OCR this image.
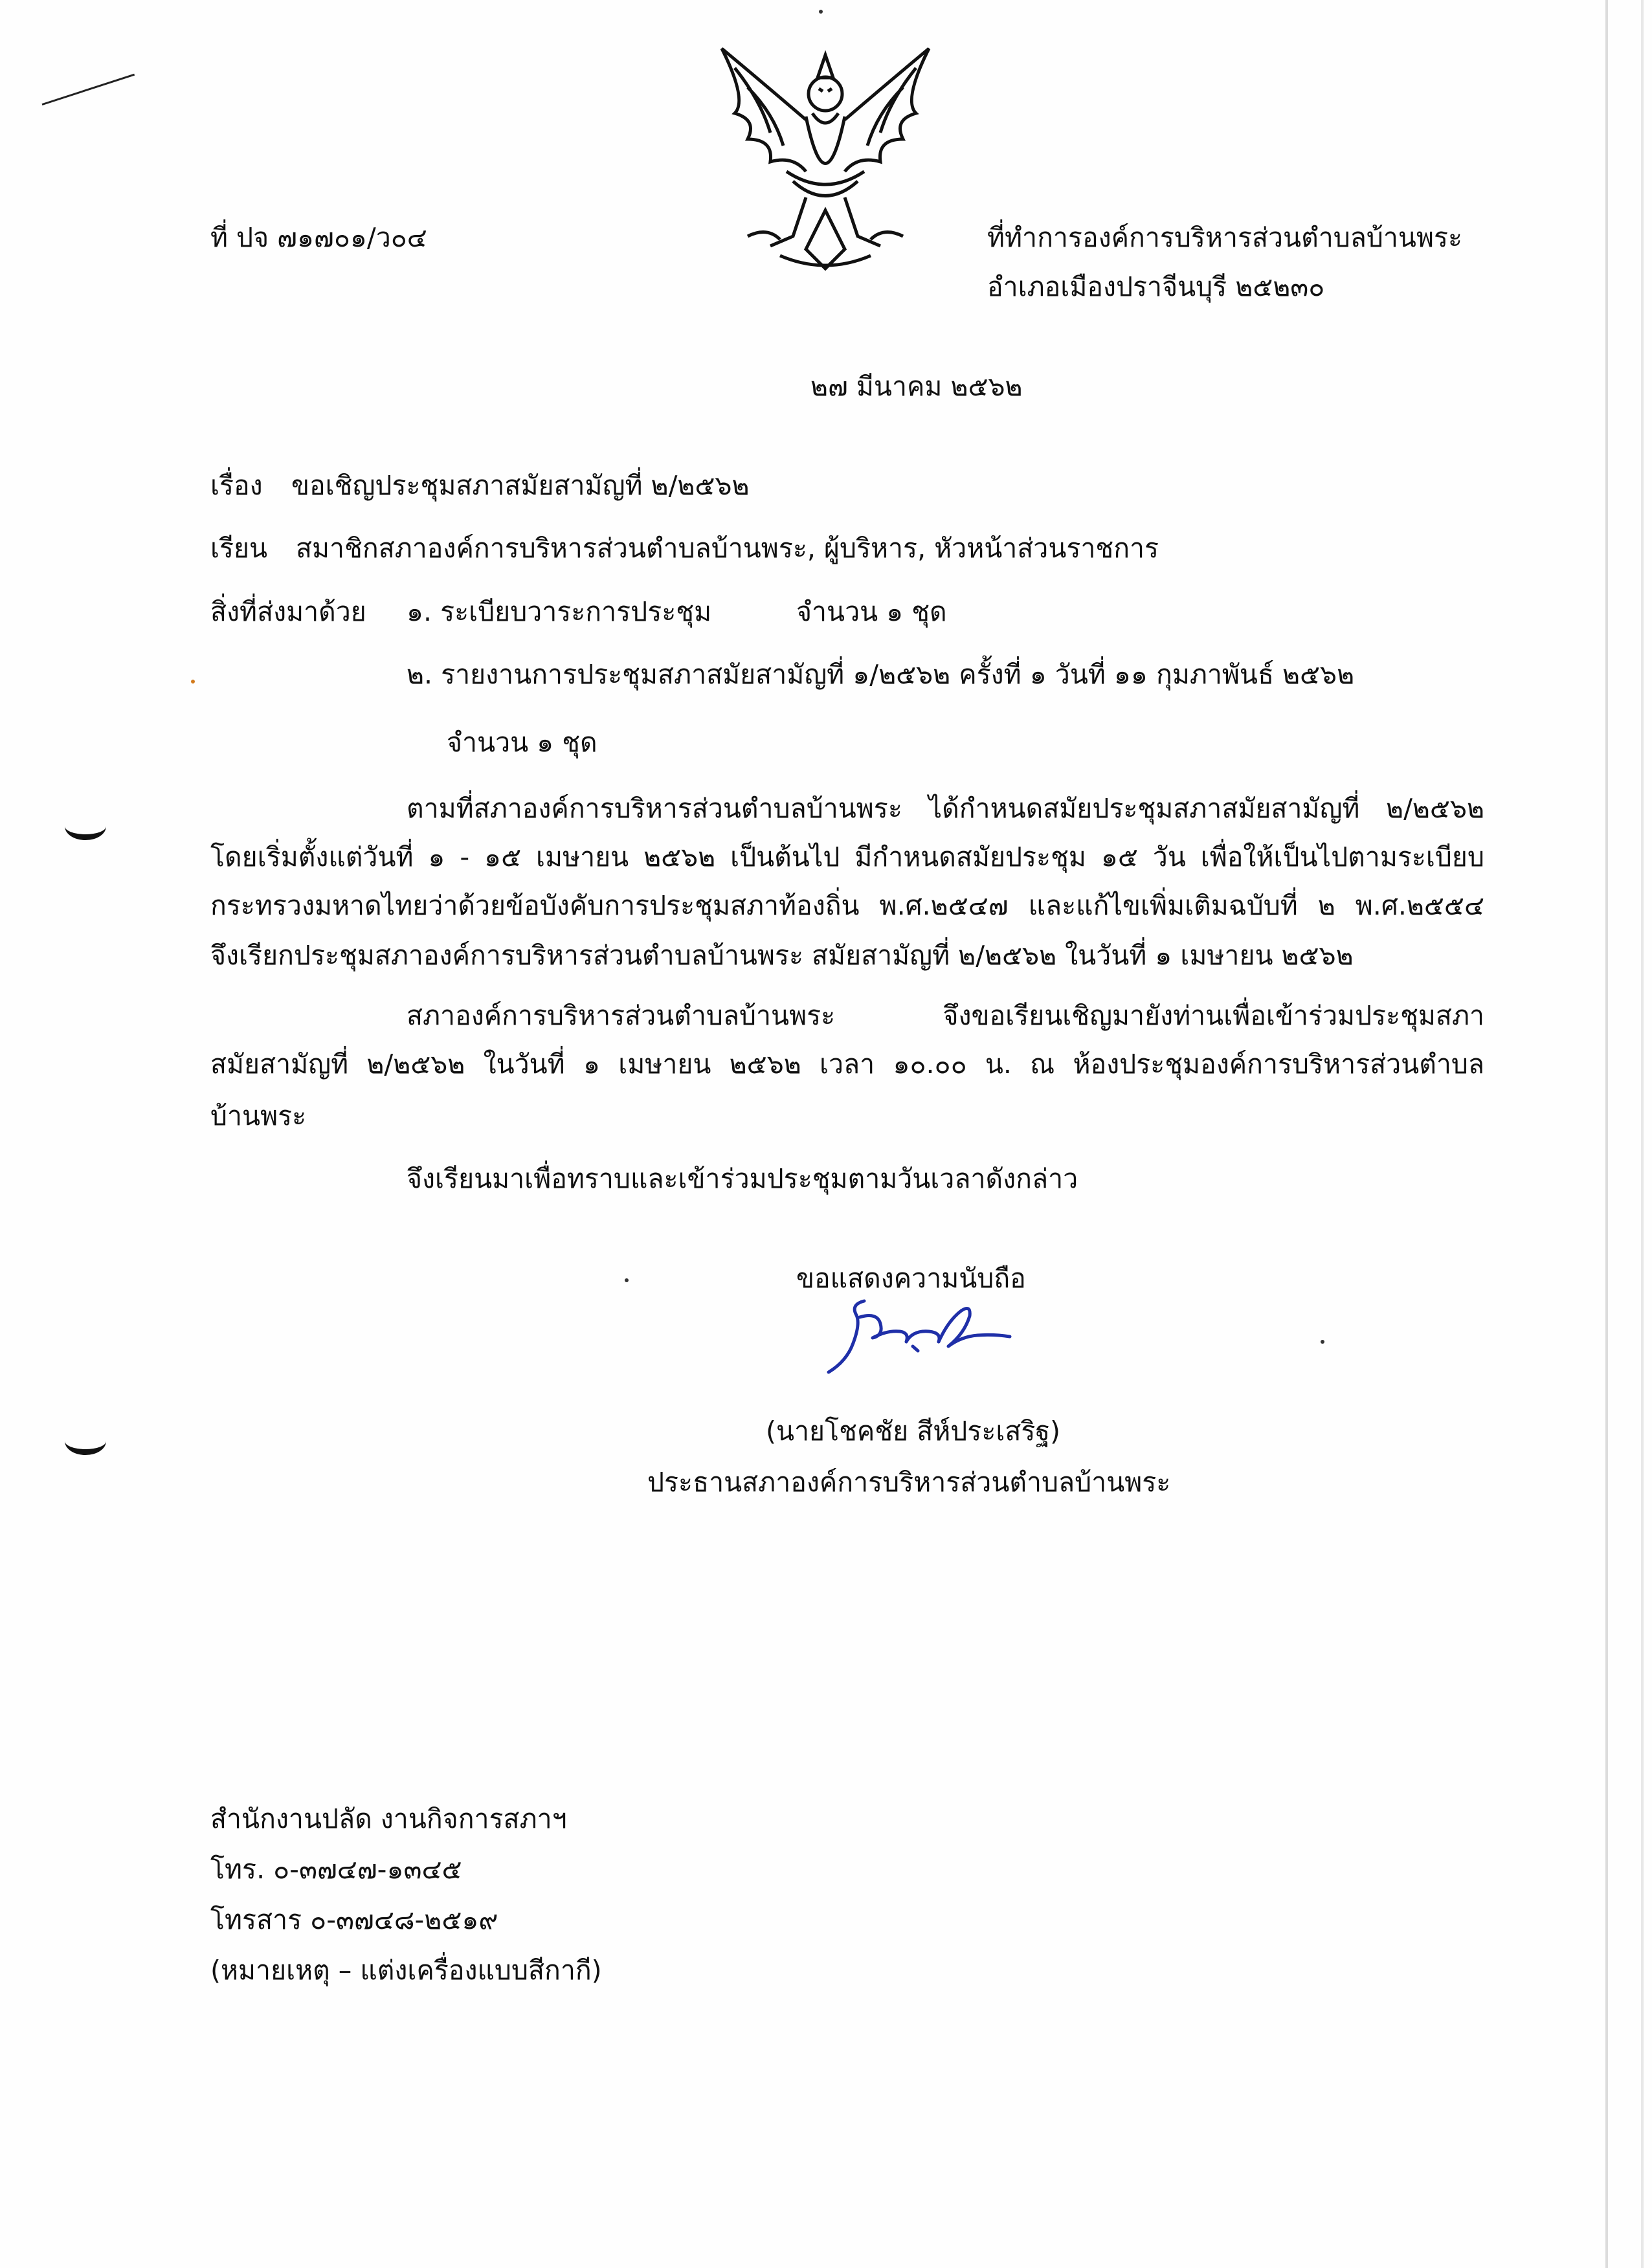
ที่ ปจ ๗๑๗๐๑/ว๐๔	ที่ทำการองค์การบริหารส่วนตำบลบ้านพระ
อำเภอเมืองปราจีนบุรี ๒๕๒๓๐
๒๗ มีนาคม ๒๕๖๒
เรื่อง ขอเชิญประชุมสภาสมัยสามัญที่ ๒/๒๕๖๒
เรียน สมาชิกสภาองค์การบริหารส่วนตำบลบ้านพระ, ผู้บริหาร, หัวหน้าส่วนราชการ
สิ่งที่ส่งมาด้วย ๑. ระเบียบวาระการประชุม	จำนวน ๑ ชุด
๒. รายงานการประชุมสภาสมัยสามัญที่ ๑/๒๕๖๒ ครั้งที่ ๑ วันที่ ๑๑ กุมภาพันธ์ ๒๕๖๒
จำนวน ๑ ชุด
ตามที่สภาองค์การบริหารส่วนตำบลบ้านพระ ได้กำหนดสมัยประชุมสภาสมัยสามัญที่ ๒/๒๕๖๒
โดยเริ่มตั้งแต่วันที่ ๑ - ๑๕ เมษายน ๒๕๖๒ เป็นต้นไป มีกำหนดสมัยประชุม ๑๕ วัน เพื่อให้เป็นไปตามระเบียบ
กระทรวงมหาดไทยว่าด้วยข้อบังคับการประชุมสภาท้องถิ่น พ.ศ.๒๕๔๗ และแก้ไขเพิ่มเติมฉบับที่ ๒ พ.ศ.๒๕๕๔
จึงเรียกประชุมสภาองค์การบริหารส่วนตำบลบ้านพระ สมัยสามัญที่ ๒/๒๕๖๒ ในวันที่ ๑ เมษายน ๒๕๖๒
สภาองค์การบริหารส่วนตำบลบ้านพระ จึงขอเรียนเชิญมายังท่านเพื่อเข้าร่วมประชุมสภา
สมัยสามัญที่ ๒/๒๕๖๒ ในวันที่ ๑ เมษายน ๒๕๖๒ เวลา ๑๐.๐๐ น. ณ ห้องประชุมองค์การบริหารส่วนตำบล
บ้านพระ
จึงเรียนมาเพื่อทราบและเข้าร่วมประชุมตามวันเวลาดังกล่าว
ขอแสดงความนับถือ
(นายโชคชัย สีห์ประเสริฐ)
ประธานสภาองค์การบริหารส่วนตำบลบ้านพระ
สำนักงานปลัด งานกิจการสภาฯ
โทร. ๐-๓๗๔๗-๑๓๔๕
โทรสาร ๐-๓๗๔๘-๒๕๑๙
(หมายเหตุ – แต่งเครื่องแบบสีกากี)
